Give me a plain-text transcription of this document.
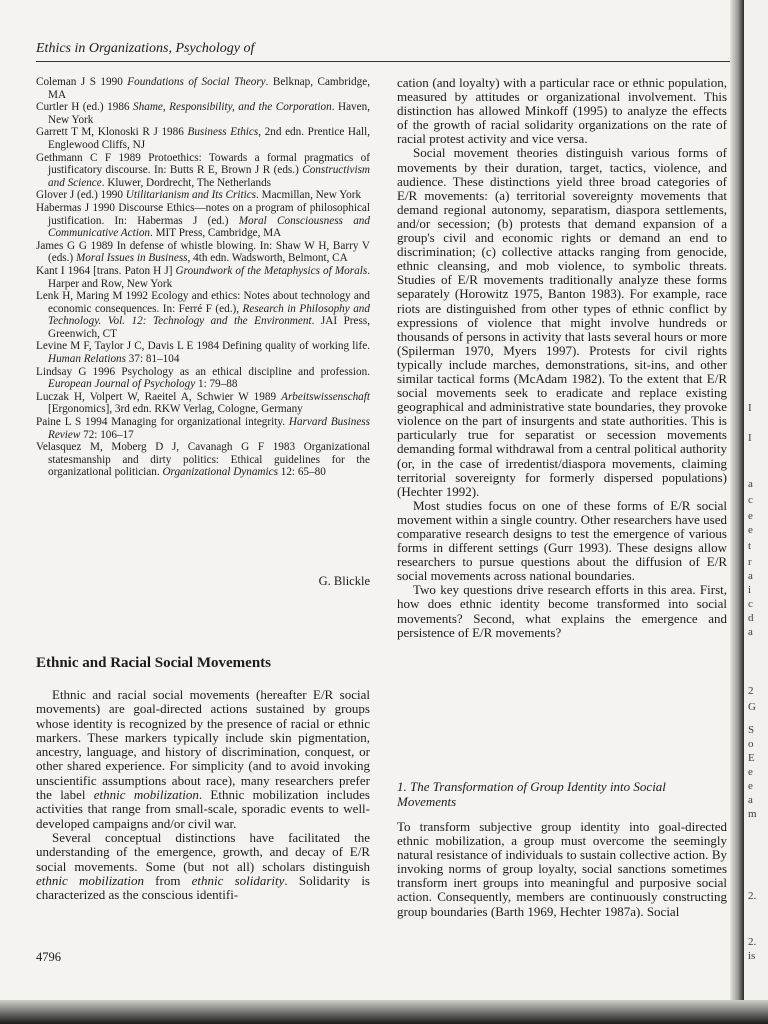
Ethics in Organizations, Psychology of

Coleman J S 1990 Foundations of Social Theory. Belknap, Cambridge, MA

Curtler H (ed.) 1986 Shame, Responsibility, and the Corporation. Haven, New York

Garrett T M, Klonoski R J 1986 Business Ethics, 2nd edn. Prentice Hall, Englewood Cliffs, NJ

Gethmann C F 1989 Protoethics: Towards a formal pragmatics of justificatory discourse. In: Butts R E, Brown J R (eds.) Constructivism and Science. Kluwer, Dordrecht, The Netherlands

Glover J (ed.) 1990 Utilitarianism and Its Critics. Macmillan, New York

Habermas J 1990 Discourse Ethics—notes on a program of philosophical justification. In: Habermas J (ed.) Moral Consciousness and Communicative Action. MIT Press, Cambridge, MA

James G G 1989 In defense of whistle blowing. In: Shaw W H, Barry V (eds.) Moral Issues in Business, 4th edn. Wadsworth, Belmont, CA

Kant I 1964 [trans. Paton H J] Groundwork of the Metaphysics of Morals. Harper and Row, New York

Lenk H, Maring M 1992 Ecology and ethics: Notes about technology and economic consequences. In: Ferré F (ed.), Research in Philosophy and Technology. Vol. 12: Technology and the Environment. JAI Press, Greenwich, CT

Levine M F, Taylor J C, Davis L E 1984 Defining quality of working life. Human Relations 37: 81–104

Lindsay G 1996 Psychology as an ethical discipline and profession. European Journal of Psychology 1: 79–88

Luczak H, Volpert W, Raeitel A, Schwier W 1989 Arbeitswissenschaft [Ergonomics], 3rd edn. RKW Verlag, Cologne, Germany

Paine L S 1994 Managing for organizational integrity. Harvard Business Review 72: 106–17

Velasquez M, Moberg D J, Cavanagh G F 1983 Organizational statesmanship and dirty politics: Ethical guidelines for the organizational politician. Organizational Dynamics 12: 65–80

G. Blickle
Ethnic and Racial Social Movements

Ethnic and racial social movements (hereafter E/R social movements) are goal-directed actions sustained by groups whose identity is recognized by the presence of racial or ethnic markers. These markers typically include skin pigmentation, ancestry, language, and history of discrimination, conquest, or other shared experience. For simplicity (and to avoid invoking unscientific assumptions about race), many researchers prefer the label ethnic mobilization. Ethnic mobilization includes activities that range from small-scale, sporadic events to well-developed campaigns and/or civil war.

Several conceptual distinctions have facilitated the understanding of the emergence, growth, and decay of E/R social movements. Some (but not all) scholars distinguish ethnic mobilization from ethnic solidarity. Solidarity is characterized as the conscious identifi-

cation (and loyalty) with a particular race or ethnic population, measured by attitudes or organizational involvement. This distinction has allowed Minkoff (1995) to analyze the effects of the growth of racial solidarity organizations on the rate of racial protest activity and vice versa.

Social movement theories distinguish various forms of movements by their duration, target, tactics, violence, and audience. These distinctions yield three broad categories of E/R movements: (a) territorial sovereignty movements that demand regional autonomy, separatism, diaspora settlements, and/or secession; (b) protests that demand expansion of a group's civil and economic rights or demand an end to discrimination; (c) collective attacks ranging from genocide, ethnic cleansing, and mob violence, to symbolic threats. Studies of E/R movements traditionally analyze these forms separately (Horowitz 1975, Banton 1983). For example, race riots are distinguished from other types of ethnic conflict by expressions of violence that might involve hundreds or thousands of persons in activity that lasts several hours or more (Spilerman 1970, Myers 1997). Protests for civil rights typically include marches, demonstrations, sit-ins, and other similar tactical forms (McAdam 1982). To the extent that E/R social movements seek to eradicate and replace existing geographical and administrative state boundaries, they provoke violence on the part of insurgents and state authorities. This is particularly true for separatist or secession movements demanding formal withdrawal from a central political authority (or, in the case of irredentist/diaspora movements, claiming territorial sovereignty for formerly dispersed populations) (Hechter 1992).

Most studies focus on one of these forms of E/R social movement within a single country. Other researchers have used comparative research designs to test the emergence of various forms in different settings (Gurr 1993). These designs allow researchers to pursue questions about the diffusion of E/R social movements across national boundaries.

Two key questions drive research efforts in this area. First, how does ethnic identity become transformed into social movements? Second, what explains the emergence and persistence of E/R movements?

1. The Transformation of Group Identity into Social Movements

To transform subjective group identity into goal-directed ethnic mobilization, a group must overcome the seemingly natural resistance of individuals to sustain collective action. By invoking norms of group loyalty, social sanctions sometimes transform inert groups into meaningful and purposive social action. Consequently, members are continuously constructing group boundaries (Barth 1969, Hechter 1987a). Social

4796
I
I
a
c
e
e
t
r
a
i
c
d
a
2
G
S
o
E
e
e
a
m
2.
2.
is
